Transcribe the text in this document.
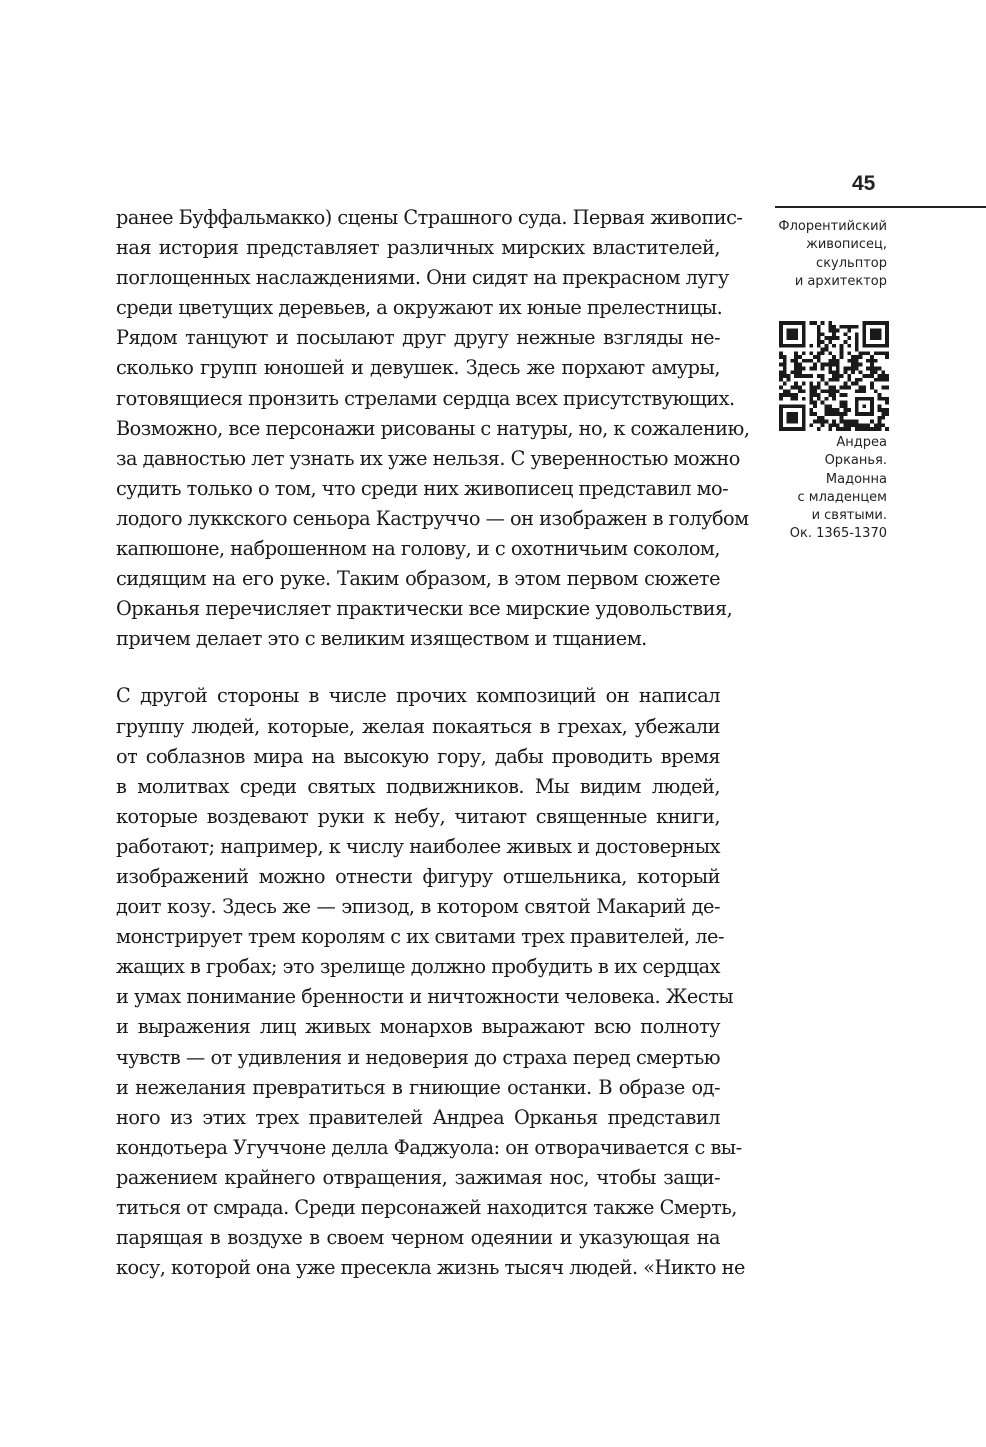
45
Флорентийский
живописец,
скульптор
и архитектор
Андреа
Орканья.
Мадонна
с младенцем
и святыми.
Ок. 1365-1370
ранее Буффальмакко) сцены Страшного суда. Первая живопис-
ная история представляет различных мирских властителей,
поглощенных наслаждениями. Они сидят на прекрасном лугу
среди цветущих деревьев, а окружают их юные прелестницы.
Рядом танцуют и посылают друг другу нежные взгляды не-
сколько групп юношей и девушек. Здесь же порхают амуры,
готовящиеся пронзить стрелами сердца всех присутствующих.
Возможно, все персонажи рисованы с натуры, но, к сожалению,
за давностью лет узнать их уже нельзя. С уверенностью можно
судить только о том, что среди них живописец представил мо-
лодого луккского сеньора Каструччо — он изображен в голубом
капюшоне, наброшенном на голову, и с охотничьим соколом,
сидящим на его руке. Таким образом, в этом первом сюжете
Орканья перечисляет практически все мирские удовольствия,
причем делает это с великим изяществом и тщанием.
С другой стороны в числе прочих композиций он написал
группу людей, которые, желая покаяться в грехах, убежали
от соблазнов мира на высокую гору, дабы проводить время
в молитвах среди святых подвижников. Мы видим людей,
которые воздевают руки к небу, читают священные книги,
работают; например, к числу наиболее живых и достоверных
изображений можно отнести фигуру отшельника, который
доит козу. Здесь же — эпизод, в котором святой Макарий де-
монстрирует трем королям с их свитами трех правителей, ле-
жащих в гробах; это зрелище должно пробудить в их сердцах
и умах понимание бренности и ничтожности человека. Жесты
и выражения лиц живых монархов выражают всю полноту
чувств — от удивления и недоверия до страха перед смертью
и нежелания превратиться в гниющие останки. В образе од-
ного из этих трех правителей Андреа Орканья представил
кондотьера Угуччоне делла Фаджуола: он отворачивается с вы-
ражением крайнего отвращения, зажимая нос, чтобы защи-
титься от смрада. Среди персонажей находится также Смерть,
парящая в воздухе в своем черном одеянии и указующая на
косу, которой она уже пресекла жизнь тысяч людей. «Никто не
